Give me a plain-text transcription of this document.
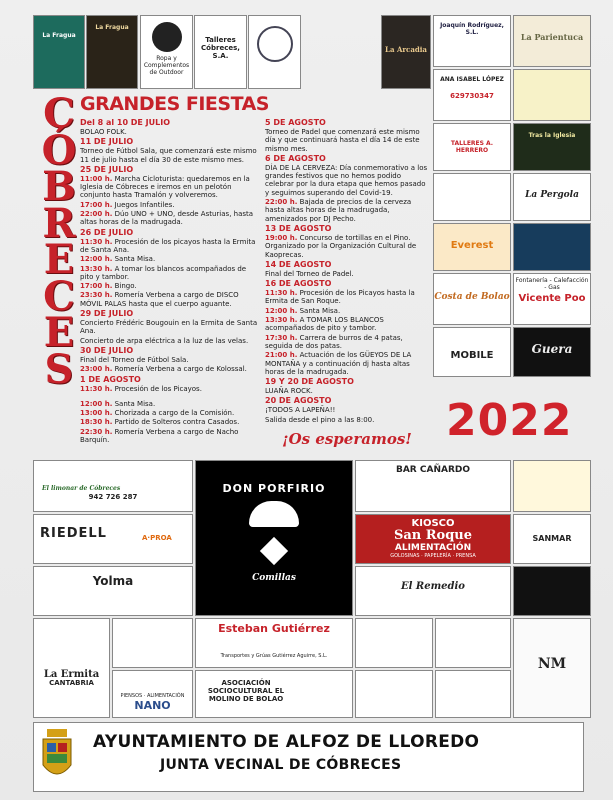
La Fragua
La Fragua
Ropa y Complementos de Outdoor
Talleres Cóbreces, S.A.
La Arcadia
Joaquín Rodríguez, S.L.	La Parientuca
ANA ISABEL LÓPEZ
629730347
TALLERES A. HERRERO
Tras la Iglesia
La Pergola
Everest
Costa de Bolao
Fontanería - Calefacción - Gas
Vicente Poo
MOBILE	Guera
C
Ó
B
R
E
C
E
S
GRANDES FIESTAS
Del 8 al 10 DE JULIO

BOLAO FOLK.

11 DE JULIO

Torneo de Fútbol Sala, que comenzará este mismo 11 de julio hasta el día 30 de este mismo mes.

25 DE JULIO

11:00 h. Marcha Cicloturista: quedaremos en la Iglesia de Cóbreces e iremos en un pelotón conjunto hasta Tramalón y volveremos.

17:00 h. Juegos Infantiles.

22:00 h. Dúo UNO + UNO, desde Asturias, hasta altas horas de la madrugada.

26 DE JULIO

11:30 h. Procesión de los picayos hasta la Ermita de Santa Ana.

12:00 h. Santa Misa.

13:30 h. A tomar los blancos acompañados de pito y tambor.

17:00 h. Bingo.

23:30 h. Romería Verbena a cargo de DISCO MÓVIL PALAS hasta que el cuerpo aguante.

29 DE JULIO

Concierto Frédéric Bougouin en la Ermita de Santa Ana.

Concierto de arpa eléctrica a la luz de las velas.

30 DE JULIO

Final del Torneo de Fútbol Sala.

23:00 h. Romería Verbena a cargo de Kolossal.

1 DE AGOSTO

11:30 h. Procesión de los Picayos.

12:00 h. Santa Misa.

13:00 h. Chorizada a cargo de la Comisión.

18:30 h. Partido de Solteros contra Casados.

22:30 h. Romería Verbena a cargo de Nacho Barquín.

5 DE AGOSTO

Torneo de Padel que comenzará este mismo día y que continuará hasta el día 14 de este mismo mes.

6 DE AGOSTO

DÍA DE LA CERVEZA: Día conmemorativo a los grandes festivos que no hemos podido celebrar por la dura etapa que hemos pasado y seguimos superando del Covid-19.

22:00 h. Bajada de precios de la cerveza hasta altas horas de la madrugada, amenizados por DJ Pecho.

13 DE AGOSTO

19:00 h. Concurso de tortillas en el Pino. Organizado por la Organización Cultural de Kaoprecas.

14 DE AGOSTO

Final del Torneo de Padel.

16 DE AGOSTO

11:30 h. Procesión de los Picayos hasta la Ermita de San Roque.

12:00 h. Santa Misa.

13:30 h. A TOMAR LOS BLANCOS acompañados de pito y tambor.

17:30 h. Carrera de burros de 4 patas, seguida de dos patas.

21:00 h. Actuación de los GÜEYOS DE LA MONTAÑA y a continuación dj hasta altas horas de la madrugada.

19 Y 20 DE AGOSTO

LUAÑA ROCK.

20 DE AGOSTO

¡TODOS A LAPEÑA!!

Salida desde el pino a las 8:00.	2022
¡Os esperamos!
El limonar de Cóbreces
942 726 287
RIEDELL	A·PROA
Yolma
DON PORFIRIO
Comillas
BAR CAÑARDO
KIOSCO
San Roque
ALIMENTACIÓN
GOLOSINAS · PAPELERÍA · PRENSA
SANMAR
El Remedio
Esteban Gutiérrez
Transportes y Grúas Gutiérrez Aguirre, S.L.	NM
La Ermita
CANTABRIA
PIENSOS · ALIMENTACIÓN
NANO
ASOCIACIÓN SOCIOCULTURAL EL MOLINO DE BOLAO
AYUNTAMIENTO DE ALFOZ DE LLOREDO
JUNTA VECINAL DE CÓBRECES
